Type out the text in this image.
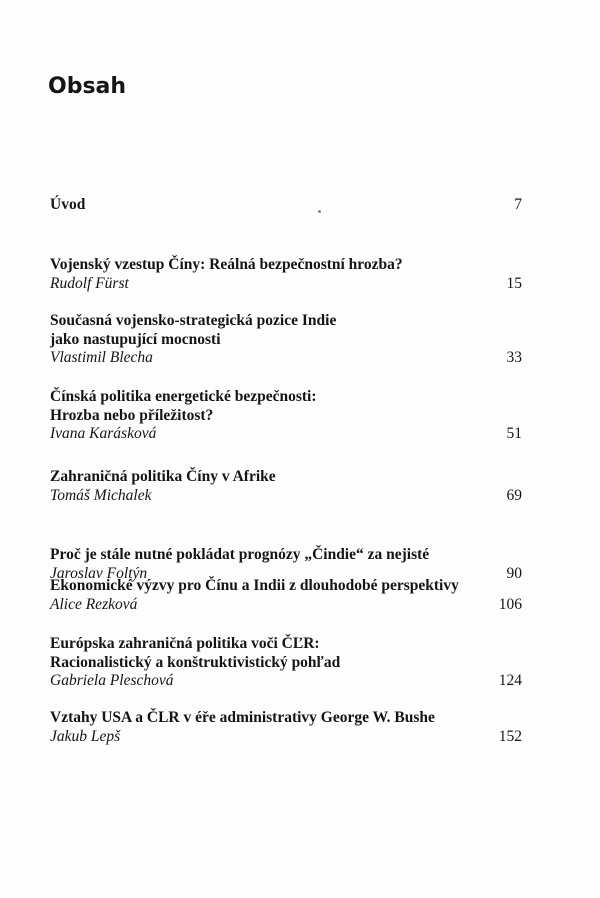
Obsah
Úvod	7
Vojenský vzestup Číny: Reálná bezpečnostní hrozba?
Rudolf Fürst	15
Současná vojensko-strategická pozice Indie
jako nastupující mocnosti
Vlastimil Blecha	33
Čínská politika energetické bezpečnosti:
Hrozba nebo příležitost?
Ivana Karásková	51
Zahraničná politika Číny v Afrike
Tomáš Michalek	69
Proč je stále nutné pokládat prognózy „Čindie“ za nejisté
Jaroslav Foltýn	90
Ekonomické výzvy pro Čínu a Indii z dlouhodobé perspektivy
Alice Rezková	106
Európska zahraničná politika voči ČĽR:
Racionalistický a konštruktivistický pohľad
Gabriela Pleschová	124
Vztahy USA a ČLR v éře administrativy George W. Bushe
Jakub Lepš	152
